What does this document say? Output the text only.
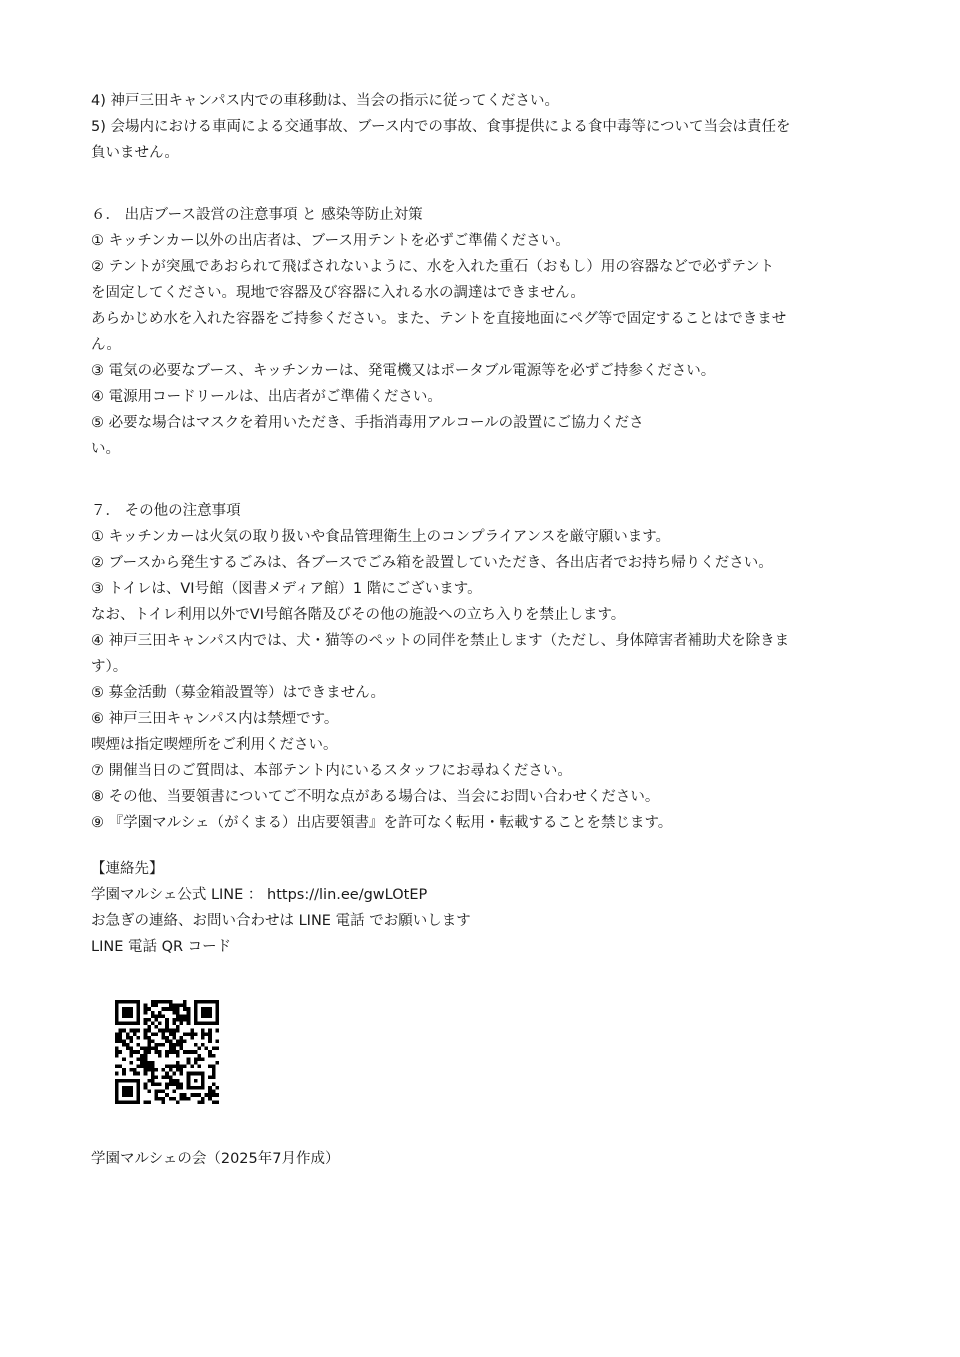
4) 神戸三田キャンパス内での車移動は、当会の指示に従ってください。

5) 会場内における車両による交通事故、ブース内での事故、食事提供による食中毒等について当会は責任を

負いません。

６． 出店ブース設営の注意事項 と 感染等防止対策

① キッチンカー以外の出店者は、ブース用テントを必ずご準備ください。

② テントが突風であおられて飛ばされないように、水を入れた重石（おもし）用の容器などで必ずテント

を固定してください。現地で容器及び容器に入れる水の調達はできません。

あらかじめ水を入れた容器をご持参ください。また、テントを直接地面にペグ等で固定することはできませ

ん。

③ 電気の必要なブース、キッチンカーは、発電機又はポータブル電源等を必ずご持参ください。

④ 電源用コードリールは、出店者がご準備ください。

⑤ 必要な場合はマスクを着用いただき、手指消毒用アルコールの設置にご協力くださ

い。

７． その他の注意事項

① キッチンカーは火気の取り扱いや食品管理衛生上のコンプライアンスを厳守願います。

② ブースから発生するごみは、各ブースでごみ箱を設置していただき、各出店者でお持ち帰りください。

③ トイレは、VI号館（図書メディア館）1 階にございます。

なお、トイレ利用以外でVI号館各階及びその他の施設への立ち入りを禁止します。

④ 神戸三田キャンパス内では、犬・猫等のペットの同伴を禁止します（ただし、身体障害者補助犬を除きま

す）。

⑤ 募金活動（募金箱設置等）はできません。

⑥ 神戸三田キャンパス内は禁煙です。

喫煙は指定喫煙所をご利用ください。

⑦ 開催当日のご質問は、本部テント内にいるスタッフにお尋ねください。

⑧ その他、当要領書についてご不明な点がある場合は、当会にお問い合わせください。

⑨ 『学園マルシェ（がくまる）出店要領書』を許可なく転用・転載することを禁じます。

【連絡先】

学園マルシェ公式 LINE ： https://lin.ee/gwLOtEP

お急ぎの連絡、お問い合わせは LINE 電話 でお願いします

LINE 電話 QR コード

学園マルシェの会（2025年7月作成）
